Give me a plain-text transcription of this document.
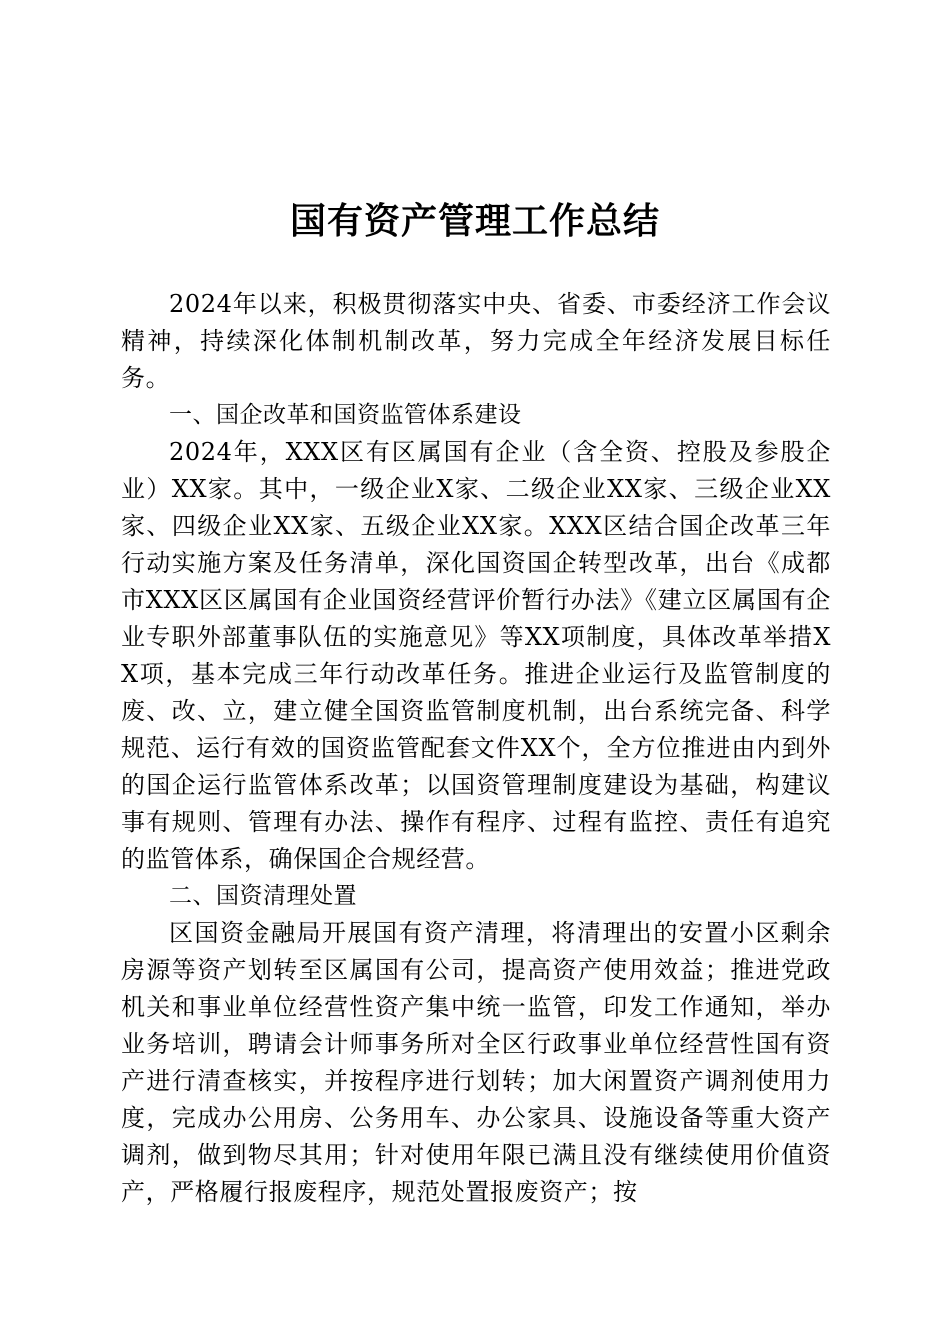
国有资产管理工作总结

2024年以来，积极贯彻落实中央、省委、市委经济工作会议精神，持续深化体制机制改革，努力完成全年经济发展目标任务。

一、国企改革和国资监管体系建设

2024年，XXX区有区属国有企业（含全资、控股及参股企业）XX家。其中，一级企业X家、二级企业XX家、三级企业XX家、四级企业XX家、五级企业XX家。XXX区结合国企改革三年行动实施方案及任务清单，深化国资国企转型改革，出台《成都市XXX区区属国有企业国资经营评价暂行办法》《建立区属国有企业专职外部董事队伍的实施意见》等XX项制度，具体改革举措XX项，基本完成三年行动改革任务。推进企业运行及监管制度的废、改、立，建立健全国资监管制度机制，出台系统完备、科学规范、运行有效的国资监管配套文件XX个，全方位推进由内到外的国企运行监管体系改革；以国资管理制度建设为基础，构建议事有规则、管理有办法、操作有程序、过程有监控、责任有追究的监管体系，确保国企合规经营。

二、国资清理处置

区国资金融局开展国有资产清理，将清理出的安置小区剩余房源等资产划转至区属国有公司，提高资产使用效益；推进党政机关和事业单位经营性资产集中统一监管，印发工作通知，举办业务培训，聘请会计师事务所对全区行政事业单位经营性国有资产进行清查核实，并按程序进行划转；加大闲置资产调剂使用力度，完成办公用房、公务用车、办公家具、设施设备等重大资产调剂，做到物尽其用；针对使用年限已满且没有继续使用价值资产，严格履行报废程序，规范处置报废资产；按
